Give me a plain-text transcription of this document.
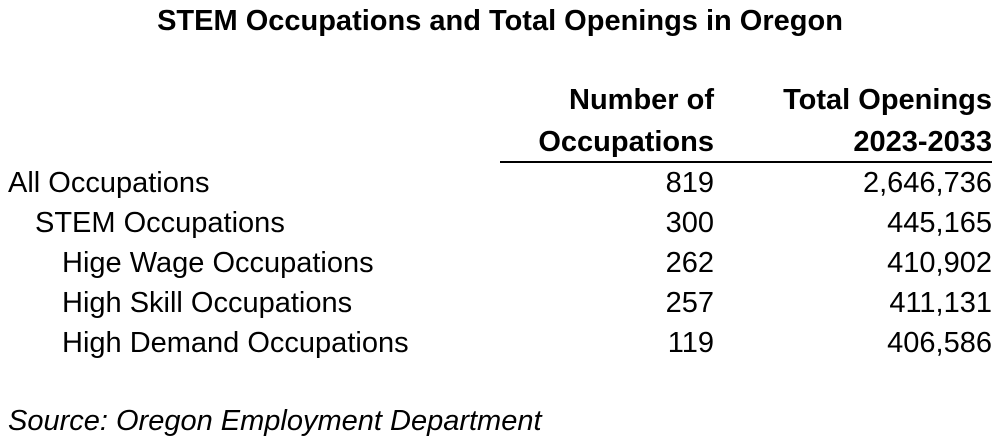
STEM Occupations and Total Openings in Oregon
Number of
Occupations
Total Openings
2023-2033
All Occupations	819	2,646,736
STEM Occupations	300	445,165
Hige Wage Occupations	262	410,902
High Skill Occupations	257	411,131
High Demand Occupations	119	406,586
Source: Oregon Employment Department
